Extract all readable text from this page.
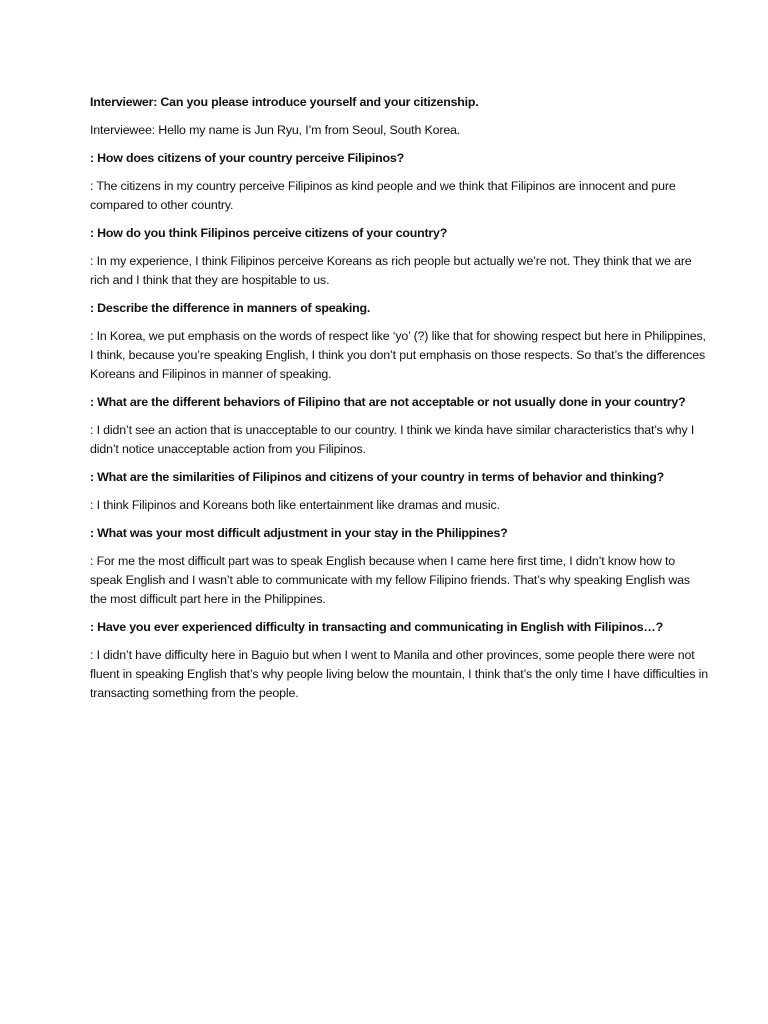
Interviewer: Can you please introduce yourself and your citizenship.

Interviewee: Hello my name is Jun Ryu, I’m from Seoul, South Korea.

: How does citizens of your country perceive Filipinos?

: The citizens in my country perceive Filipinos as kind people and we think that Filipinos are innocent and pure compared to other country.

: How do you think Filipinos perceive citizens of your country?

: In my experience, I think Filipinos perceive Koreans as rich people but actually we’re not. They think that we are rich and I think that they are hospitable to us.

: Describe the difference in manners of speaking.

: In Korea, we put emphasis on the words of respect like ‘yo’ (?) like that for showing respect but here in Philippines, I think, because you’re speaking English, I think you don’t put emphasis on those respects. So that’s the differences Koreans and Filipinos in manner of speaking.

: What are the different behaviors of Filipino that are not acceptable or not usually done in your country?

: I didn’t see an action that is unacceptable to our country. I think we kinda have similar characteristics that’s why I didn’t notice unacceptable action from you Filipinos.

: What are the similarities of Filipinos and citizens of your country in terms of behavior and thinking?

: I think Filipinos and Koreans both like entertainment like dramas and music.

: What was your most difficult adjustment in your stay in the Philippines?

: For me the most difficult part was to speak English because when I came here first time, I didn’t know how to speak English and I wasn’t able to communicate with my fellow Filipino friends. That’s why speaking English was the most difficult part here in the Philippines.

: Have you ever experienced difficulty in transacting and communicating in English with Filipinos…?

: I didn’t have difficulty here in Baguio but when I went to Manila and other provinces, some people there were not fluent in speaking English that’s why people living below the mountain, I think that’s the only time I have difficulties in transacting something from the people.
